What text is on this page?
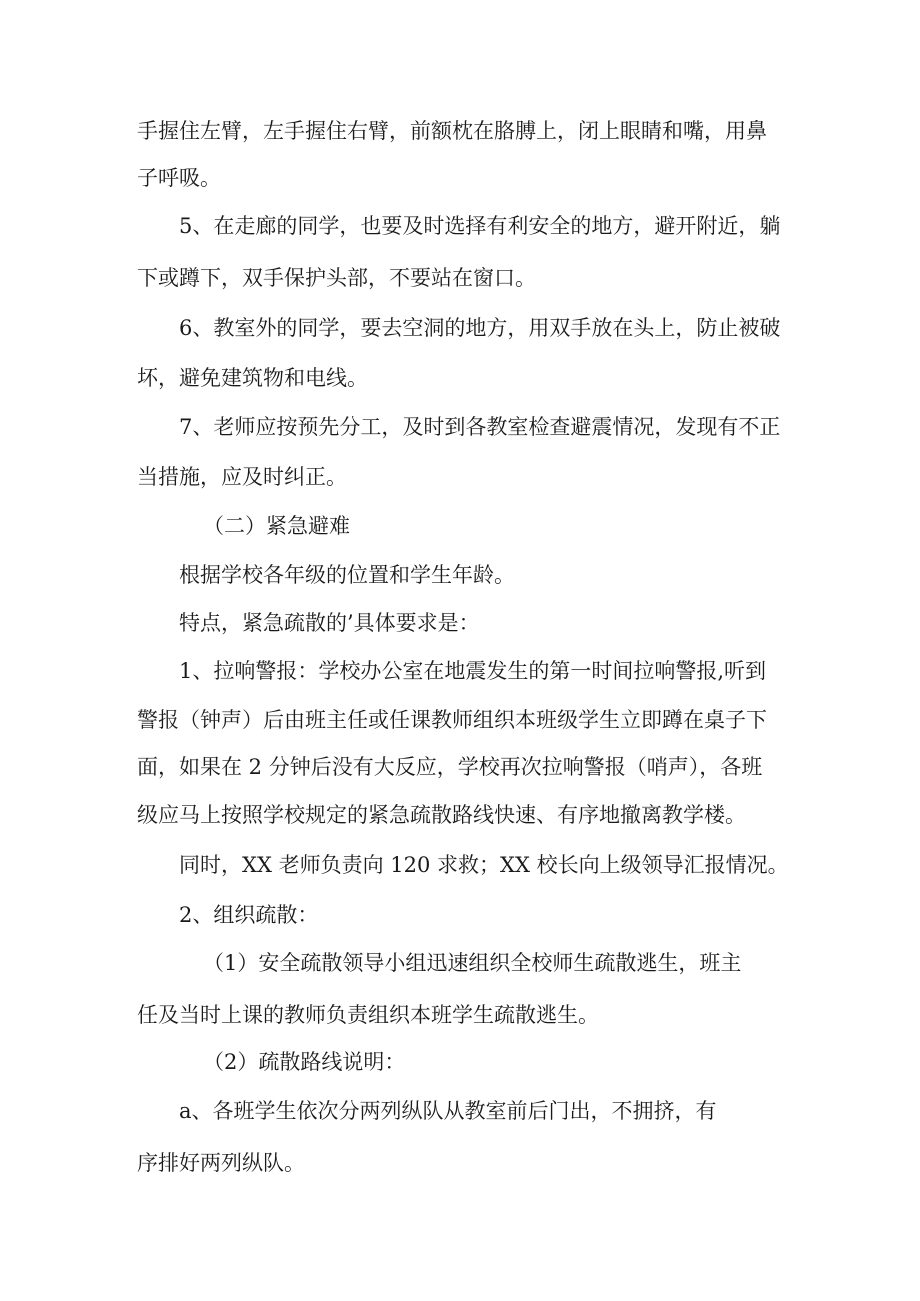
手握住左臂，左手握住右臂，前额枕在胳膊上，闭上眼睛和嘴，用鼻
子呼吸。
5、在走廊的同学，也要及时选择有利安全的地方，避开附近，躺
下或蹲下，双手保护头部，不要站在窗口。
6、教室外的同学，要去空洞的地方，用双手放在头上，防止被破
坏，避免建筑物和电线。
7、老师应按预先分工，及时到各教室检查避震情况，发现有不正
当措施，应及时纠正。
（二）紧急避难
根据学校各年级的位置和学生年龄。
特点，紧急疏散的’具体要求是：
1、拉响警报：学校办公室在地震发生的第一时间拉响警报,听到
警报（钟声）后由班主任或任课教师组织本班级学生立即蹲在桌子下
面，如果在 2 分钟后没有大反应，学校再次拉响警报（哨声），各班
级应马上按照学校规定的紧急疏散路线快速、有序地撤离教学楼。
同时，XX 老师负责向 120 求救；XX 校长向上级领导汇报情况。
2、组织疏散：
（1）安全疏散领导小组迅速组织全校师生疏散逃生，班主
任及当时上课的教师负责组织本班学生疏散逃生。
（2）疏散路线说明：
a、各班学生依次分两列纵队从教室前后门出，不拥挤，有
序排好两列纵队。
